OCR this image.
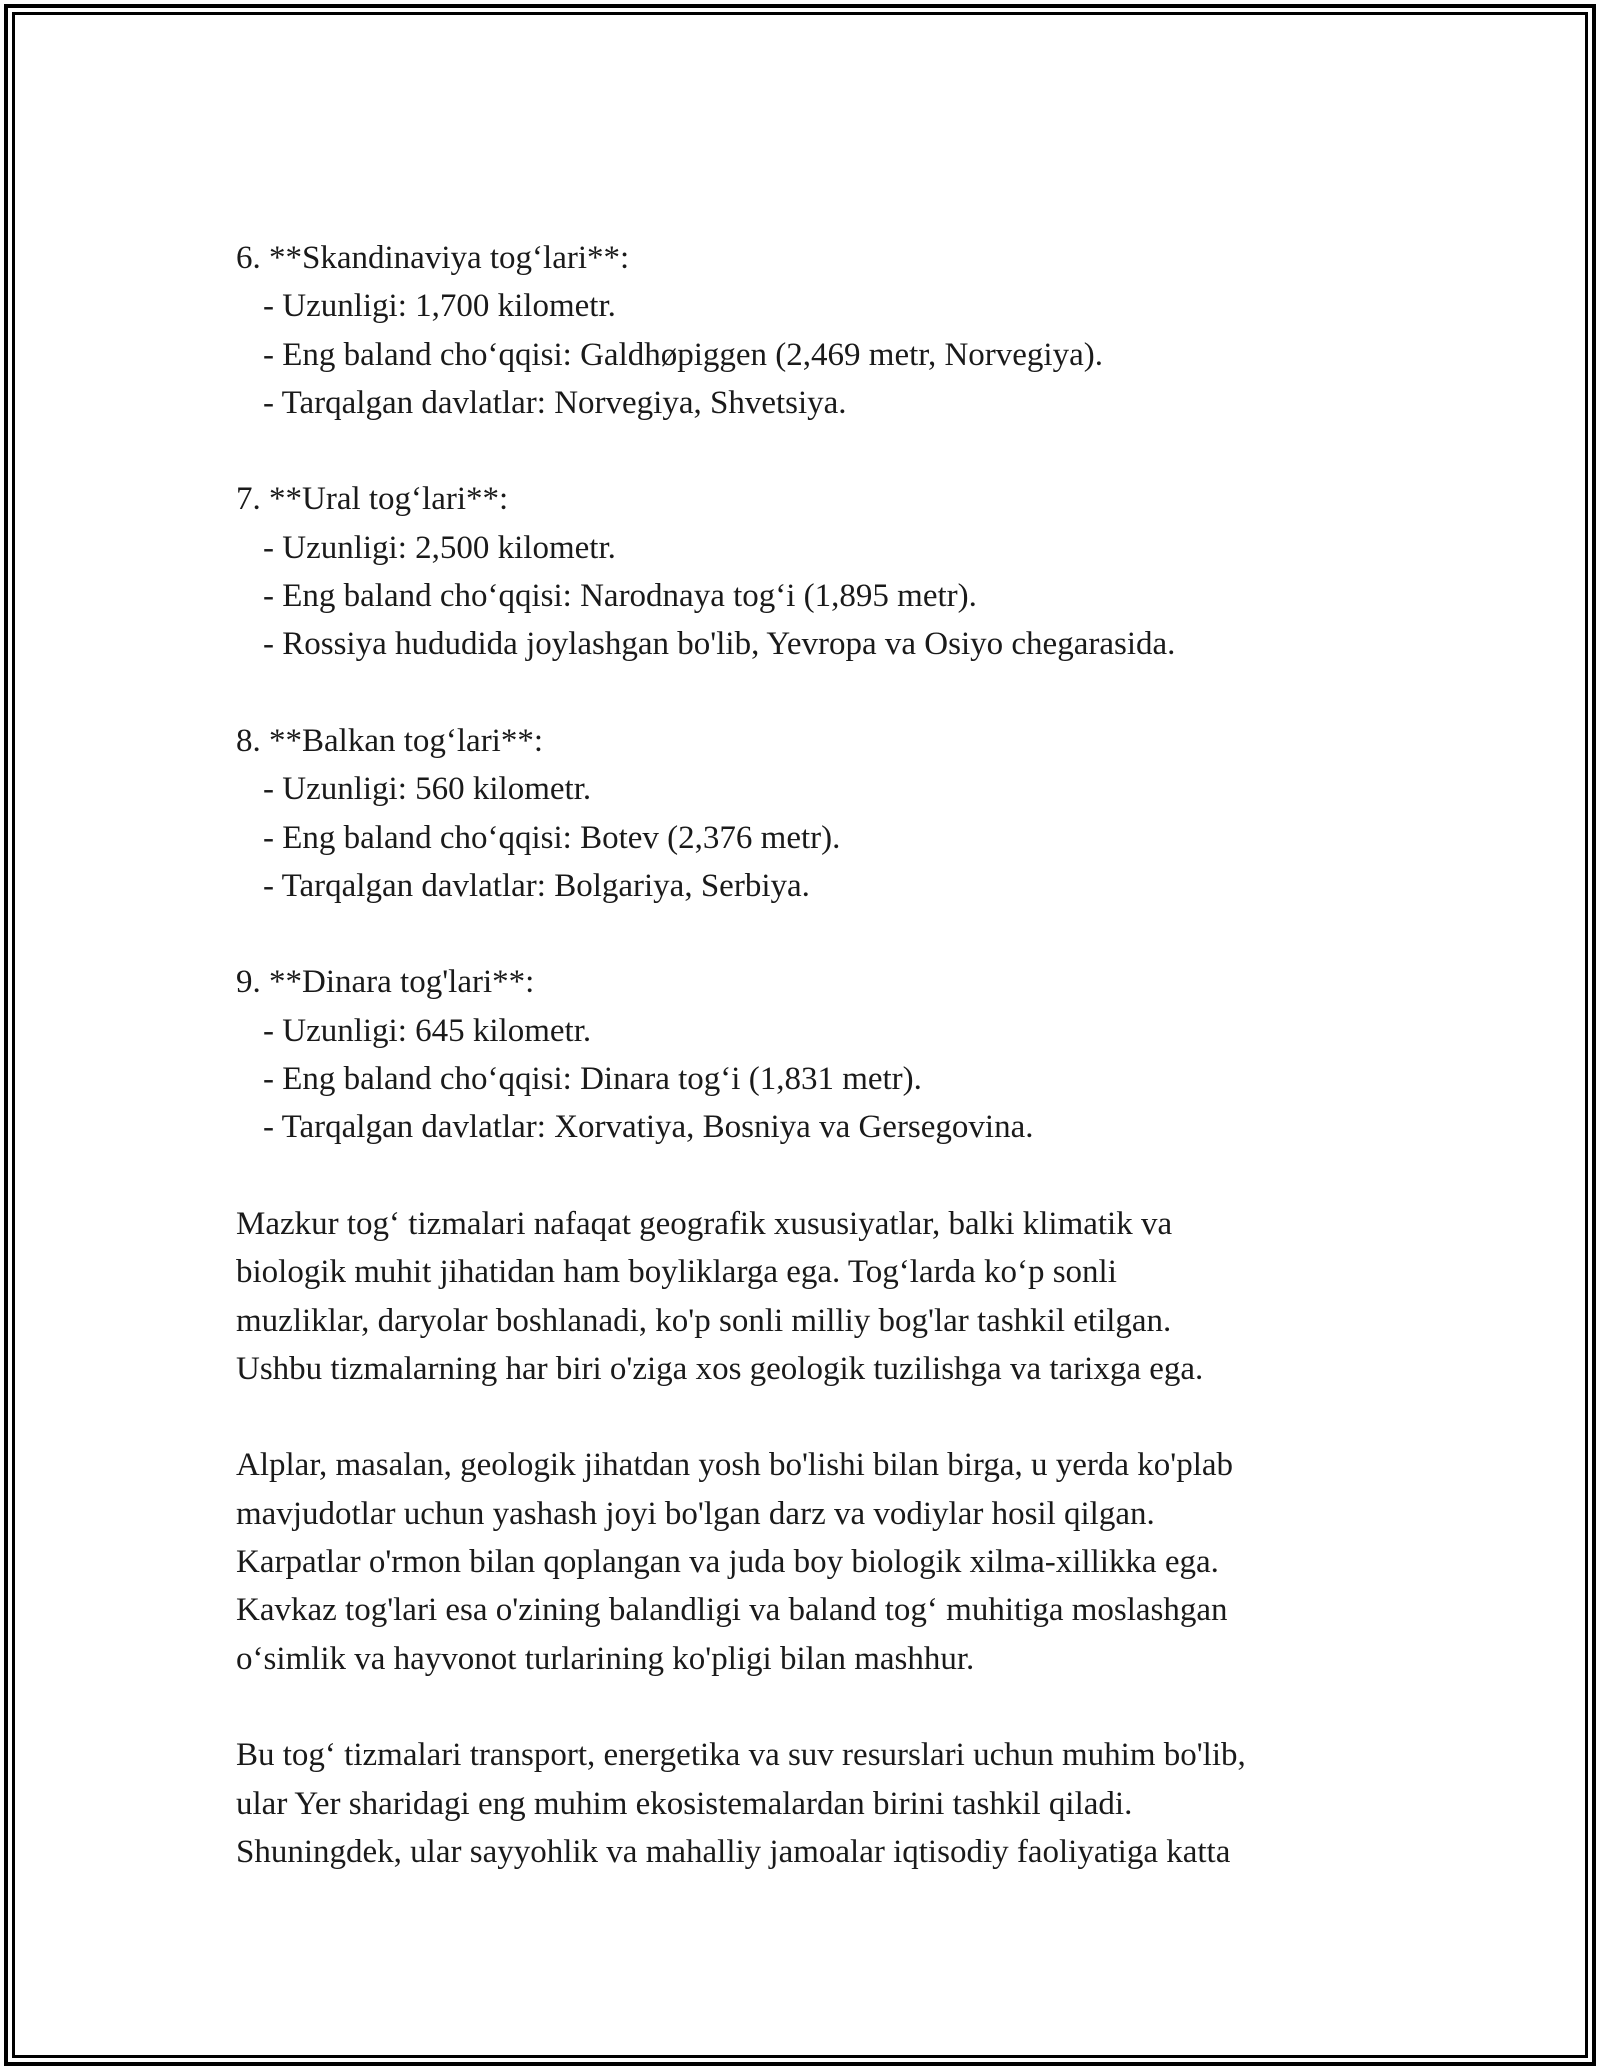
6. **Skandinaviya tog‘lari**:
- Uzunligi: 1,700 kilometr.
- Eng baland cho‘qqisi: Galdhøpiggen (2,469 metr, Norvegiya).
- Tarqalgan davlatlar: Norvegiya, Shvetsiya.
7. **Ural tog‘lari**:
- Uzunligi: 2,500 kilometr.
- Eng baland cho‘qqisi: Narodnaya tog‘i (1,895 metr).
- Rossiya hududida joylashgan bo'lib, Yevropa va Osiyo chegarasida.
8. **Balkan tog‘lari**:
- Uzunligi: 560 kilometr.
- Eng baland cho‘qqisi: Botev (2,376 metr).
- Tarqalgan davlatlar: Bolgariya, Serbiya.
9. **Dinara tog'lari**:
- Uzunligi: 645 kilometr.
- Eng baland cho‘qqisi: Dinara tog‘i (1,831 metr).
- Tarqalgan davlatlar: Xorvatiya, Bosniya va Gersegovina.
Mazkur tog‘ tizmalari nafaqat geografik xususiyatlar, balki klimatik va
biologik muhit jihatidan ham boyliklarga ega. Tog‘larda ko‘p sonli
muzliklar, daryolar boshlanadi, ko'p sonli milliy bog'lar tashkil etilgan.
Ushbu tizmalarning har biri o'ziga xos geologik tuzilishga va tarixga ega.
Alplar, masalan, geologik jihatdan yosh bo'lishi bilan birga, u yerda ko'plab
mavjudotlar uchun yashash joyi bo'lgan darz va vodiylar hosil qilgan.
Karpatlar o'rmon bilan qoplangan va juda boy biologik xilma-xillikka ega.
Kavkaz tog'lari esa o'zining balandligi va baland tog‘ muhitiga moslashgan
o‘simlik va hayvonot turlarining ko'pligi bilan mashhur.
Bu tog‘ tizmalari transport, energetika va suv resurslari uchun muhim bo'lib,
ular Yer sharidagi eng muhim ekosistemalardan birini tashkil qiladi.
Shuningdek, ular sayyohlik va mahalliy jamoalar iqtisodiy faoliyatiga katta
